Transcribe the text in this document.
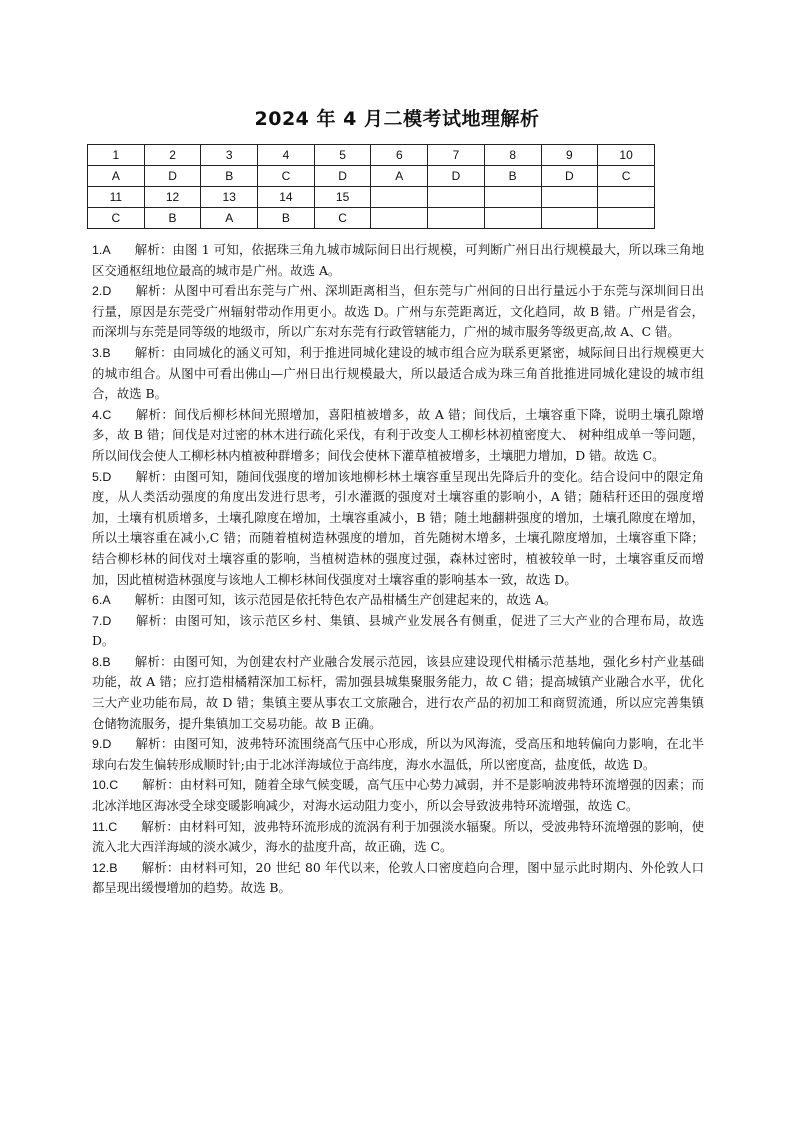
2024 年 4 月二模考试地理解析
1	2	3	4	5	6	7	8	9	10
A	D	B	C	D	A	D	B	D	C
11	12	13	14	15					
C	B	A	B	C					
1.A 解析：由图 1 可知，依据珠三角九城市城际间日出行规模，可判断广州日出行规模最大，所以珠三角地区交通枢纽地位最高的城市是广州。故选 A。
2.D 解析：从图中可看出东莞与广州、深圳距离相当，但东莞与广州间的日出行量远小于东莞与深圳间日出行量，原因是东莞受广州辐射带动作用更小。故选 D。广州与东莞距离近，文化趋同，故 B 错。广州是省会，而深圳与东莞是同等级的地级市，所以广东对东莞有行政管辖能力，广州的城市服务等级更高,故 A、C 错。
3.B 解析：由同城化的涵义可知，利于推进同城化建设的城市组合应为联系更紧密，城际间日出行规模更大的城市组合。从图中可看出佛山—广州日出行规模最大，所以最适合成为珠三角首批推进同城化建设的城市组合，故选 B。
4.C 解析：间伐后柳杉林间光照增加，喜阳植被增多，故 A 错；间伐后，土壤容重下降，说明土壤孔隙增多，故 B 错；间伐是对过密的林木进行疏化采伐，有利于改变人工柳杉林初植密度大、 树种组成单一等问题，所以间伐会使人工柳杉林内植被种群增多；间伐会使林下灌草植被增多，土壤肥力增加，D 错。故选 C。
5.D 解析：由图可知，随间伐强度的增加该地柳杉林土壤容重呈现出先降后升的变化。结合设问中的限定角度，从人类活动强度的角度出发进行思考，引水灌溉的强度对土壤容重的影响小，A 错；随秸秆还田的强度增加，土壤有机质增多，土壤孔隙度在增加，土壤容重减小，B 错；随土地翻耕强度的增加，土壤孔隙度在增加，所以土壤容重在减小,C 错；而随着植树造林强度的增加，首先随树木增多，土壤孔隙度增加，土壤容重下降；结合柳杉林的间伐对土壤容重的影响，当植树造林的强度过强，森林过密时，植被较单一时，土壤容重反而增加，因此植树造林强度与该地人工柳杉林间伐强度对土壤容重的影响基本一致，故选 D。
6.A 解析：由图可知，该示范园是依托特色农产品柑橘生产创建起来的，故选 A。
7.D 解析：由图可知，该示范区乡村、集镇、县城产业发展各有侧重，促进了三大产业的合理布局，故选 D。
8.B 解析：由图可知，为创建农村产业融合发展示范园，该县应建设现代柑橘示范基地，强化乡村产业基础功能，故 A 错；应打造柑橘精深加工标杆，需加强县城集聚服务能力，故 C 错；提高城镇产业融合水平，优化三大产业功能布局，故 D 错；集镇主要从事农工文旅融合，进行农产品的初加工和商贸流通，所以应完善集镇仓储物流服务，提升集镇加工交易功能。故 B 正确。
9.D 解析：由图可知，波弗特环流围绕高气压中心形成，所以为风海流，受高压和地转偏向力影响，在北半球向右发生偏转形成顺时针;由于北冰洋海域位于高纬度，海水水温低，所以密度高，盐度低，故选 D。
10.C 解析：由材料可知，随着全球气候变暖，高气压中心势力减弱，并不是影响波弗特环流增强的因素；而北冰洋地区海冰受全球变暖影响减少，对海水运动阻力变小，所以会导致波弗特环流增强，故选 C。
11.C 解析：由材料可知，波弗特环流形成的流涡有利于加强淡水辐聚。所以，受波弗特环流增强的影响，使流入北大西洋海域的淡水减少，海水的盐度升高，故正确，选 C。
12.B 解析：由材料可知，20 世纪 80 年代以来，伦敦人口密度趋向合理，图中显示此时期内、外伦敦人口都呈现出缓慢增加的趋势。故选 B。
